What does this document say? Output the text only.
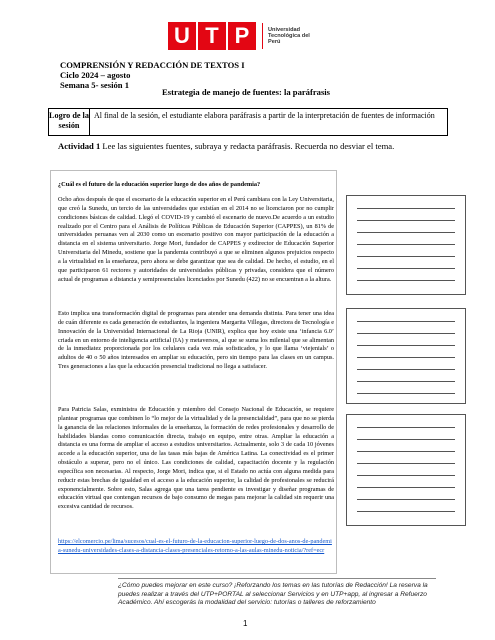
U T P	Universidad Tecnológica del Perú
COMPRENSIÓN Y REDACCIÓN DE TEXTOS I
Ciclo 2024 – agosto
Semana 5- sesión 1
Estrategia de manejo de fuentes: la paráfrasis
Logro de la sesión
Al final de la sesión, el estudiante elabora paráfrasis a partir de la interpretación de fuentes de información
Actividad 1 Lee las siguientes fuentes, subraya y redacta paráfrasis. Recuerda no desviar el tema.
¿Cuál es el futuro de la educación superior luego de dos años de pandemia?

Ocho años después de que el escenario de la educación superior en el Perú cambiara con la Ley Universitaria, que creó la Sunedu, un tercio de las universidades que existían en el 2014 no se licenciaron por no cumplir condiciones básicas de calidad. Llegó el COVID-19 y cambió el escenario de nuevo.De acuerdo a un estudio realizado por el Centro para el Análisis de Políticas Públicas de Educación Superior (CAPPES), un 81% de universidades peruanas ven al 2030 como un escenario positivo con mayor participación de la educación a distancia en el sistema universitario. Jorge Mori, fundador de CAPPES y exdirector de Educación Superior Universitaria del Minedu, sostiene que la pandemia contribuyó a que se eliminen algunos prejuicios respecto a la virtualidad en la enseñanza, pero ahora se debe garantizar que sea de calidad. De hecho, el estudio, en el que participaron 61 rectores y autoridades de universidades públicas y privadas, considera que el número actual de programas a distancia y semipresenciales licenciados por Sunedu (422) no se encuentran a la altura.

Esto implica una transformación digital de programas para atender una demanda distinta. Para tener una idea de cuán diferente es cada generación de estudiantes, la ingeniera Margarita Villegas, directora de Tecnología e Innovación de la Universidad Internacional de La Rioja (UNIR), explica que hoy existe una ‘infancia 6.0’ criada en un entorno de inteligencia artificial (IA) y metaversos, al que se suma los milenial que se alimentan de la inmediatez proporcionada por los celulares cada vez más sofisticados, y lo que llama ‘viejenials’ o adultos de 40 o 50 años interesados en ampliar su educación, pero sin tiempo para las clases en un campus. Tres generaciones a las que la educación presencial tradicional no llega a satisfacer.

Para Patricia Salas, exministra de Educación y miembro del Consejo Nacional de Educación, se requiere plantear programas que combinen lo “lo mejor de la virtualidad y de la presencialidad”, para que no se pierda la ganancia de las relaciones informales de la enseñanza, la formación de redes profesionales y desarrollo de habilidades blandas como comunicación directa, trabajo en equipo, entre otras. Ampliar la educación a distancia es una forma de ampliar el acceso a estudios universitarios. Actualmente, solo 3 de cada 10 jóvenes accede a la educación superior, una de las tasas más bajas de América Latina. La conectividad es el primer obstáculo a superar, pero no el único. Las condiciones de calidad, capacitación docente y la regulación específica son necesarias. Al respecto, Jorge Mori, indica que, si el Estado no actúa con alguna medida para reducir estas brechas de igualdad en el acceso a la educación superior, la calidad de profesionales se reducirá exponencialmente. Sobre esto, Salas agrega que una tarea pendiente es investigar y diseñar programas de educación virtual que contengan recursos de bajo consumo de megas para mejorar la calidad sin requerir una excesiva cantidad de recursos.

https://elcomercio.pe/lima/sucesos/cual-es-el-futuro-de-la-educacion-superior-luego-de-dos-anos-de-pandemia-sunedu-universidades-clases-a-distancia-clases-presenciales-retorno-a-las-aulas-minedu-noticia/?ref=ecr
¿Cómo puedes mejorar en este curso? ¡Reforzando los temas en las tutorías de Redacción! La reserva la puedes realizar a través del UTP+PORTAL al seleccionar Servicios y en UTP+app, al ingresar a Refuerzo Académico. Ahí escogerás la modalidad del servicio: tutorías o talleres de reforzamiento
1
